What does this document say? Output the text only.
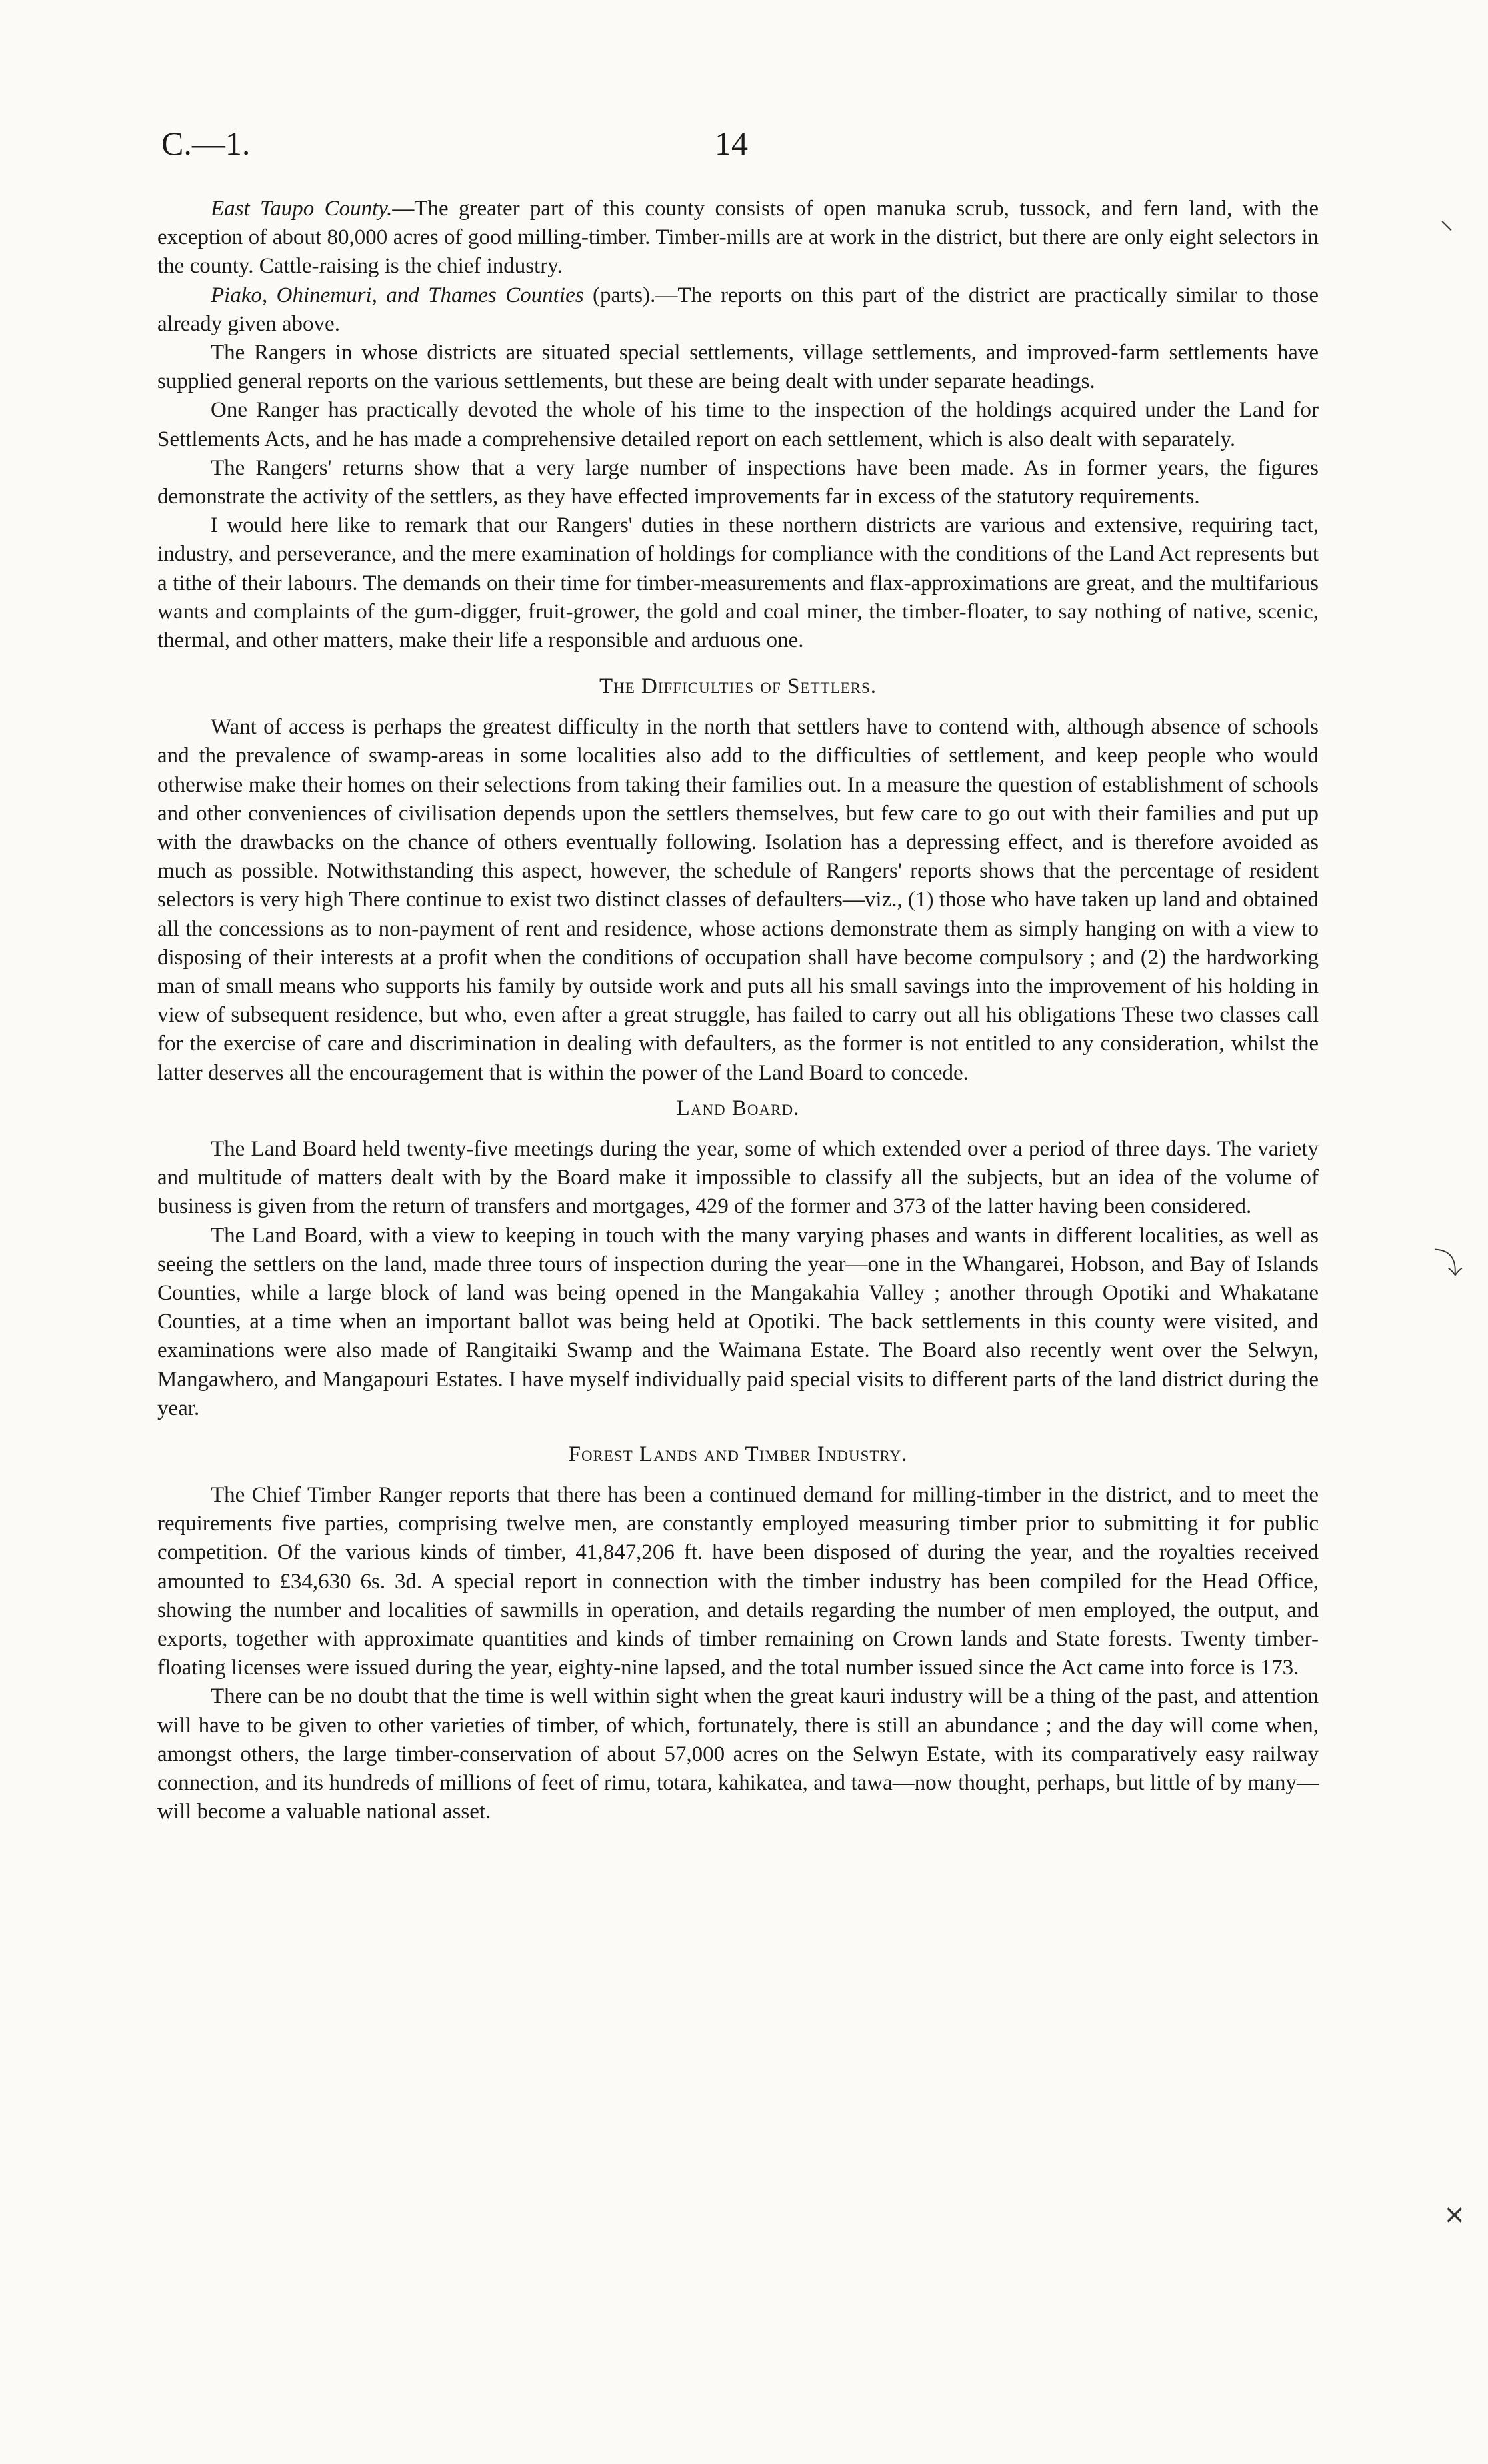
C.—1.	14

East Taupo County.—The greater part of this county consists of open manuka scrub, tussock, and fern land, with the exception of about 80,000 acres of good milling-timber. Timber-mills are at work in the district, but there are only eight selectors in the county. Cattle-raising is the chief industry.

Piako, Ohinemuri, and Thames Counties (parts).—The reports on this part of the district are practically similar to those already given above.

The Rangers in whose districts are situated special settlements, village settlements, and improved-farm settlements have supplied general reports on the various settlements, but these are being dealt with under separate headings.

One Ranger has practically devoted the whole of his time to the inspection of the holdings acquired under the Land for Settlements Acts, and he has made a comprehensive detailed report on each settlement, which is also dealt with separately.

The Rangers' returns show that a very large number of inspections have been made. As in former years, the figures demonstrate the activity of the settlers, as they have effected improvements far in excess of the statutory requirements.

I would here like to remark that our Rangers' duties in these northern districts are various and extensive, requiring tact, industry, and perseverance, and the mere examination of holdings for compliance with the conditions of the Land Act represents but a tithe of their labours. The demands on their time for timber-measurements and flax-approximations are great, and the multifarious wants and complaints of the gum-digger, fruit-grower, the gold and coal miner, the timber-floater, to say nothing of native, scenic, thermal, and other matters, make their life a responsible and arduous one.

The Difficulties of Settlers.

Want of access is perhaps the greatest difficulty in the north that settlers have to contend with, although absence of schools and the prevalence of swamp-areas in some localities also add to the difficulties of settlement, and keep people who would otherwise make their homes on their selections from taking their families out. In a measure the question of establishment of schools and other conveniences of civilisation depends upon the settlers themselves, but few care to go out with their families and put up with the drawbacks on the chance of others eventually following. Isolation has a depressing effect, and is therefore avoided as much as possible. Notwithstanding this aspect, however, the schedule of Rangers' reports shows that the percentage of resident selectors is very high There continue to exist two distinct classes of defaulters—viz., (1) those who have taken up land and obtained all the concessions as to non-payment of rent and residence, whose actions demonstrate them as simply hanging on with a view to disposing of their interests at a profit when the conditions of occupation shall have become compulsory ; and (2) the hardworking man of small means who supports his family by outside work and puts all his small savings into the improvement of his holding in view of subsequent residence, but who, even after a great struggle, has failed to carry out all his obligations These two classes call for the exercise of care and discrimination in dealing with defaulters, as the former is not entitled to any consideration, whilst the latter deserves all the encouragement that is within the power of the Land Board to concede.

Land Board.

The Land Board held twenty-five meetings during the year, some of which extended over a period of three days. The variety and multitude of matters dealt with by the Board make it impossible to classify all the subjects, but an idea of the volume of business is given from the return of transfers and mortgages, 429 of the former and 373 of the latter having been considered.

The Land Board, with a view to keeping in touch with the many varying phases and wants in different localities, as well as seeing the settlers on the land, made three tours of inspection during the year—one in the Whangarei, Hobson, and Bay of Islands Counties, while a large block of land was being opened in the Mangakahia Valley ; another through Opotiki and Whakatane Counties, at a time when an important ballot was being held at Opotiki. The back settlements in this county were visited, and examinations were also made of Rangitaiki Swamp and the Waimana Estate. The Board also recently went over the Selwyn, Mangawhero, and Mangapouri Estates. I have myself individually paid special visits to different parts of the land district during the year.

Forest Lands and Timber Industry.

The Chief Timber Ranger reports that there has been a continued demand for milling-timber in the district, and to meet the requirements five parties, comprising twelve men, are constantly employed measuring timber prior to submitting it for public competition. Of the various kinds of timber, 41,847,206 ft. have been disposed of during the year, and the royalties received amounted to £34,630 6s. 3d. A special report in connection with the timber industry has been compiled for the Head Office, showing the number and localities of sawmills in operation, and details regarding the number of men employed, the output, and exports, together with approximate quantities and kinds of timber remaining on Crown lands and State forests. Twenty timber-floating licenses were issued during the year, eighty-nine lapsed, and the total number issued since the Act came into force is 173.

There can be no doubt that the time is well within sight when the great kauri industry will be a thing of the past, and attention will have to be given to other varieties of timber, of which, fortunately, there is still an abundance ; and the day will come when, amongst others, the large timber-conservation of about 57,000 acres on the Selwyn Estate, with its comparatively easy railway connection, and its hundreds of millions of feet of rimu, totara, kahikatea, and tawa—now thought, perhaps, but little of by many—will become a valuable national asset.

⸜
⤵
⨯
